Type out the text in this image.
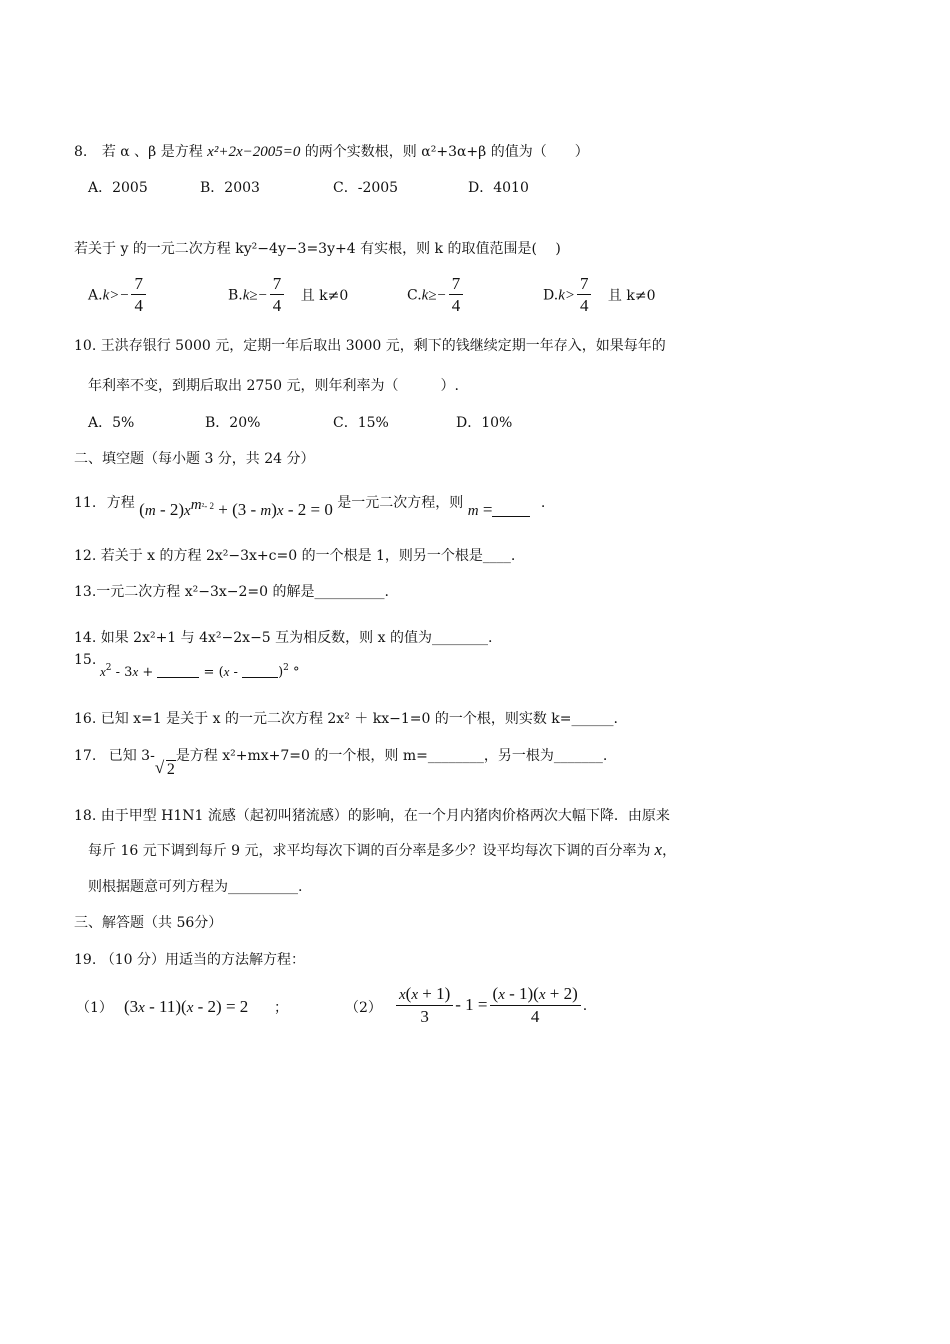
8. 若 α 、β 是方程 x²+2x−2005=0 的两个实数根，则 α²+3α+β 的值为（　　）
A．2005	B．2003	C．-2005	D．4010
若关于 y 的一元二次方程 ky²−4y−3=3y+4 有实根，则 k 的取值范围是(　 )
$A.k>- \frac{7}{4}$	$B.k\ge- \frac{7}{4}$ 且 k≠0	$C.k\ge- \frac{7}{4}$	$D.k> \frac{7}{4}$ 且 k≠0
10. 王洪存银行 5000 元，定期一年后取出 3000 元，剩下的钱继续定期一年存入，如果每年的
年利率不变，到期后取出 2750 元，则年利率为（　　　）.
A．5%	B．20%	C．15%	D．10%
二、填空题（每小题 3 分，共 24 分）
11. 方程 $(m - 2)x^{m^2- 2} + (3 - m)x - 2 = 0$ 是一元二次方程，则 m =	.
12. 若关于 x 的方程 2x²−3x+c=0 的一个根是 1，则另一个根是____.
13.一元二次方程 x²−3x−2=0 的解是__________.
14. 如果 2x²+1 与 4x²−2x−5 互为相反数，则 x 的值为________.
15.
$x^2 - 3x$ +	= (x -	)$^2$ °
16. 已知 x=1 是关于 x 的一元二次方程 2x² ＋ kx−1=0 的一个根，则实数 k=______.
17. 已知 3-
√ 2是方程 x²+mx+7=0 的一个根，则 m=________，另一根为_______.
18. 由于甲型 H1N1 流感（起初叫猪流感）的影响，在一个月内猪肉价格两次大幅下降．由原来
每斤 16 元下调到每斤 9 元，求平均每次下调的百分率是多少？设平均每次下调的百分率为 x，
则根据题意可列方程为__________.
三、解答题（共 56分）
19. （10 分）用适当的方法解方程：
（1） (3x - 11)(x - 2) = 2 ；	$(2) \frac{x(x + 1)}{3} - 1 = \frac{(x - 1)(x + 2)}{4}$ .
